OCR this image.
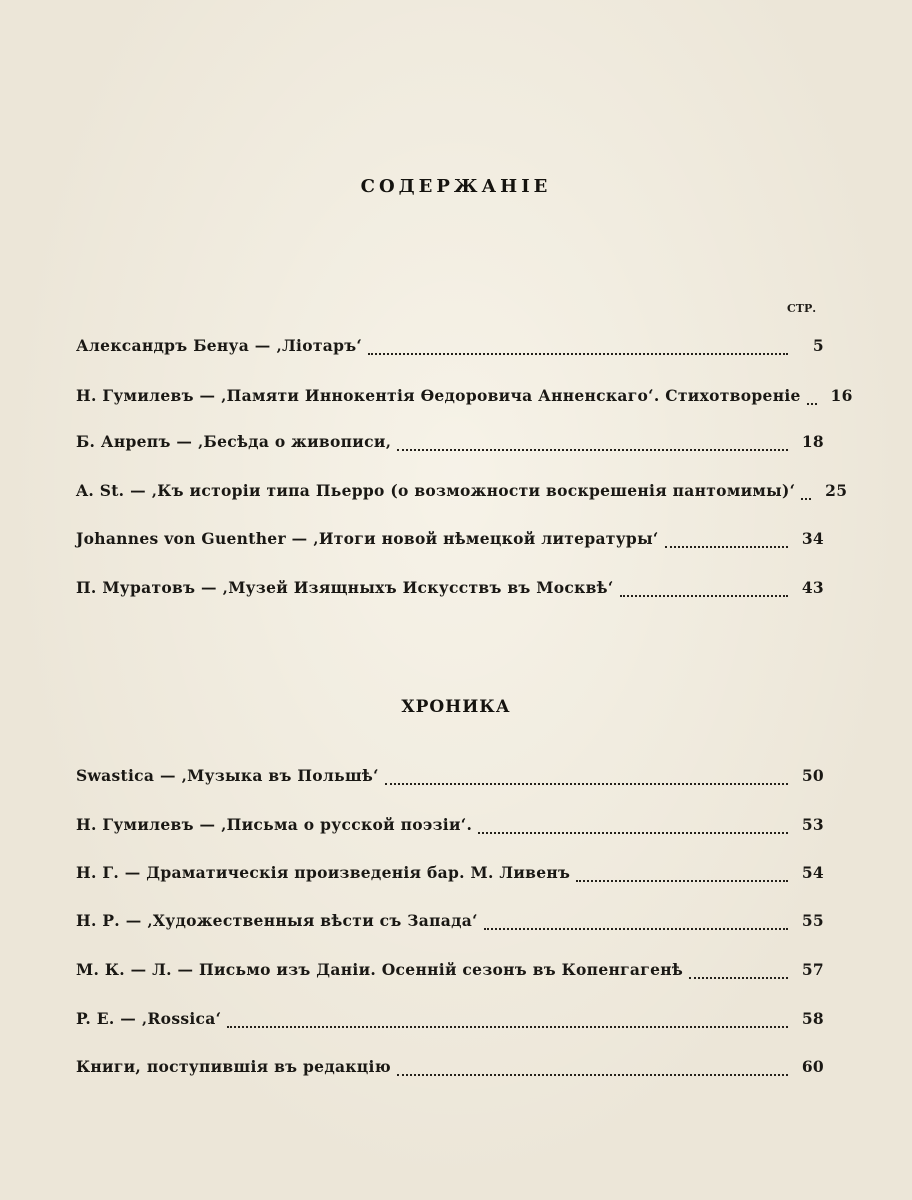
СОДЕРЖАНІЕ
СТР.
Александръ Бенуа — ‚Ліотаръ‘	5
Н. Гумилевъ — ‚Памяти Иннокентія Ѳедоровича Анненскаго‘. Стихотвореніе 16
Б. Анрепъ — ‚Бесѣда о живописи‚	18
A. St. — ‚Къ исторіи типа Пьерро (о возможности воскрешенія пантомимы)‘ 25
Johannes von Guenther — ‚Итоги новой нѣмецкой литературы‘	34
П. Муратовъ — ‚Музей Изящныхъ Искусствъ въ Москвѣ‘	43
ХРОНИКА
Swastica — ‚Музыка въ Польшѣ‘	50
Н. Гумилевъ — ‚Письма о русской поэзіи‘.	53
Н. Г. — Драматическія произведенія бар. М. Ливенъ	54
Н. Р. — ‚Художественныя вѣсти съ Запада‘	55
М. К. — Л. — Письмо изъ Даніи. Осенній сезонъ въ Копенгагенѣ	57
P. E. — ‚Rossica‘	58
Книги, поступившія въ редакцію	60
